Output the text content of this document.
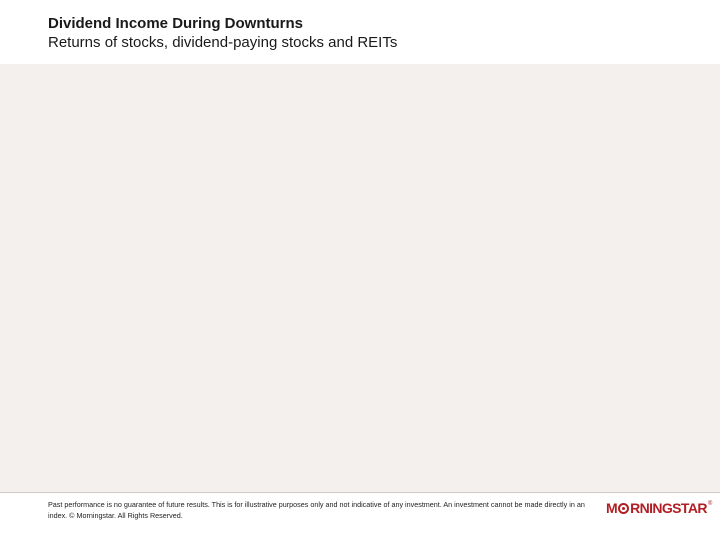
Dividend Income During Downturns
Returns of stocks, dividend-paying stocks and REITs
Past performance is no guarantee of future results. This is for illustrative purposes only and not indicative of any investment. An investment cannot be made directly in an index. © Morningstar. All Rights Reserved.	M RNINGSTAR ®
